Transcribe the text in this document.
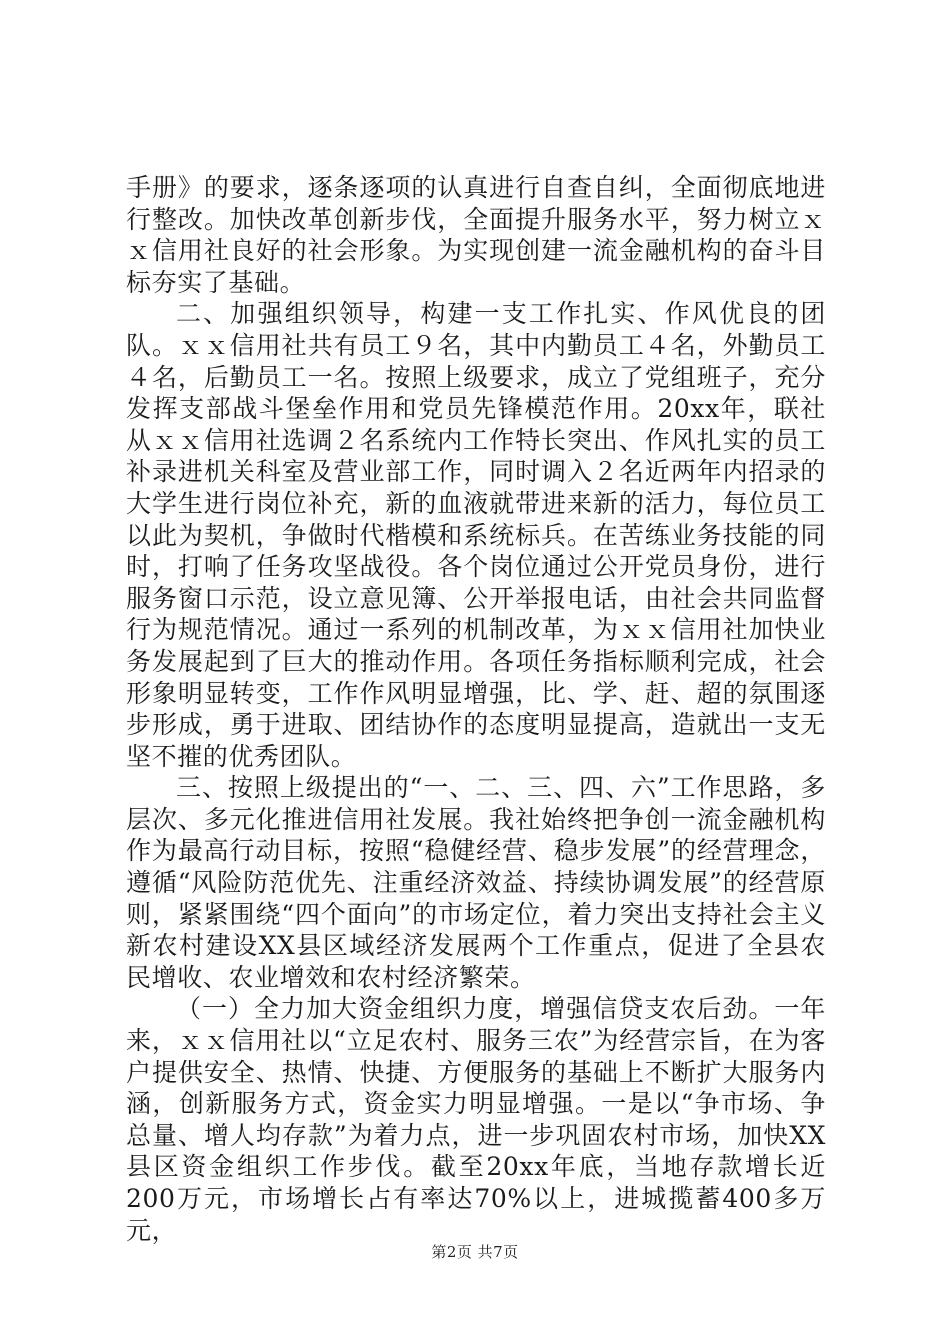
手册》的要求，逐条逐项的认真进行自查自纠，全面彻底地进行整改。加快改革创新步伐，全面提升服务水平，努力树立ｘｘ信用社良好的社会形象。为实现创建一流金融机构的奋斗目标夯实了基础。

二、加强组织领导，构建一支工作扎实、作风优良的团队。ｘｘ信用社共有员工９名，其中内勤员工４名，外勤员工４名，后勤员工一名。按照上级要求，成立了党组班子，充分发挥支部战斗堡垒作用和党员先锋模范作用。20xx年，联社从ｘｘ信用社选调２名系统内工作特长突出、作风扎实的员工补录进机关科室及营业部工作，同时调入２名近两年内招录的大学生进行岗位补充，新的血液就带进来新的活力，每位员工以此为契机，争做时代楷模和系统标兵。在苦练业务技能的同时，打响了任务攻坚战役。各个岗位通过公开党员身份，进行服务窗口示范，设立意见簿、公开举报电话，由社会共同监督行为规范情况。通过一系列的机制改革，为ｘｘ信用社加快业务发展起到了巨大的推动作用。各项任务指标顺利完成，社会形象明显转变，工作作风明显增强，比、学、赶、超的氛围逐步形成，勇于进取、团结协作的态度明显提高，造就出一支无坚不摧的优秀团队。

三、按照上级提出的“一、二、三、四、六”工作思路，多层次、多元化推进信用社发展。我社始终把争创一流金融机构作为最高行动目标，按照“稳健经营、稳步发展”的经营理念，遵循“风险防范优先、注重经济效益、持续协调发展”的经营原则，紧紧围绕“四个面向”的市场定位，着力突出支持社会主义新农村建设XX县区域经济发展两个工作重点，促进了全县农民增收、农业增效和农村经济繁荣。

（一）全力加大资金组织力度，增强信贷支农后劲。一年来，ｘｘ信用社以“立足农村、服务三农”为经营宗旨，在为客户提供安全、热情、快捷、方便服务的基础上不断扩大服务内涵，创新服务方式，资金实力明显增强。一是以“争市场、争总量、增人均存款”为着力点，进一步巩固农村市场，加快XX县区资金组织工作步伐。截至20xx年底，当地存款增长近200万元，市场增长占有率达70%以上，进城揽蓄400多万元，

第2页 共7页
